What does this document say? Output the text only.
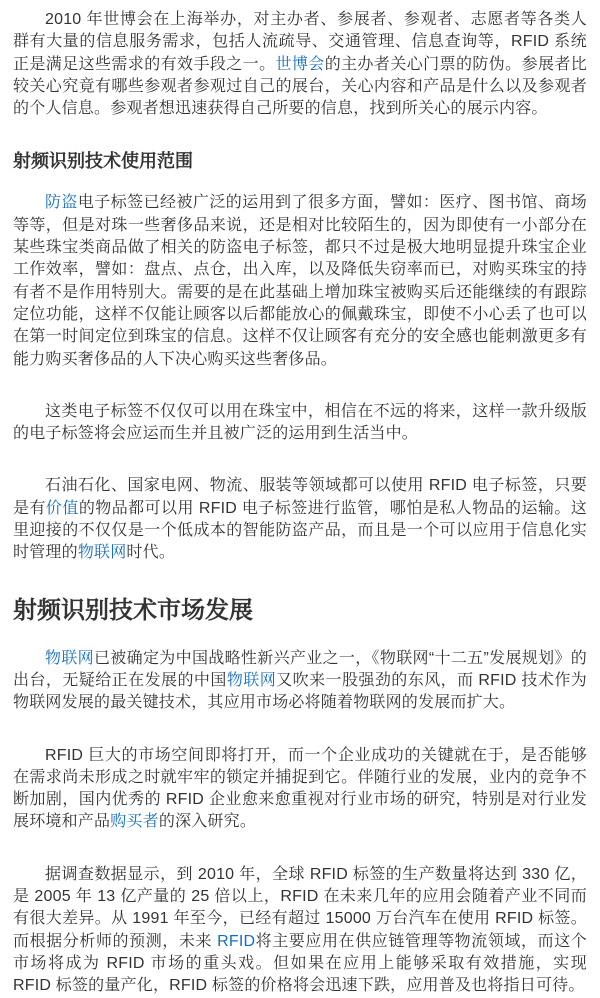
2010 年世博会在上海举办，对主办者、参展者、参观者、志愿者等各类人群有大量的信息服务需求，包括人流疏导、交通管理、信息查询等，RFID 系统正是满足这些需求的有效手段之一。世博会的主办者关心门票的防伪。参展者比较关心究竟有哪些参观者参观过自己的展台，关心内容和产品是什么以及参观者的个人信息。参观者想迅速获得自己所要的信息，找到所关心的展示内容。

射频识别技术使用范围

防盗电子标签已经被广泛的运用到了很多方面，譬如：医疗、图书馆、商场等等，但是对珠一些奢侈品来说，还是相对比较陌生的，因为即使有一小部分在某些珠宝类商品做了相关的防盗电子标签，都只不过是极大地明显提升珠宝企业工作效率，譬如：盘点、点仓，出入库，以及降低失窃率而已，对购买珠宝的持有者不是作用特别大。需要的是在此基础上增加珠宝被购买后还能继续的有跟踪定位功能，这样不仅能让顾客以后都能放心的佩戴珠宝，即使不小心丢了也可以在第一时间定位到珠宝的信息。这样不仅让顾客有充分的安全感也能刺激更多有能力购买奢侈品的人下决心购买这些奢侈品。

这类电子标签不仅仅可以用在珠宝中，相信在不远的将来，这样一款升级版的电子标签将会应运而生并且被广泛的运用到生活当中。

石油石化、国家电网、物流、服装等领域都可以使用 RFID 电子标签，只要是有价值的物品都可以用 RFID 电子标签进行监管，哪怕是私人物品的运输。这里迎接的不仅仅是一个低成本的智能防盗产品，而且是一个可以应用于信息化实时管理的物联网时代。

射频识别技术市场发展

物联网已被确定为中国战略性新兴产业之一，《物联网“十二五”发展规划》的出台，无疑给正在发展的中国物联网又吹来一股强劲的东风，而 RFID 技术作为物联网发展的最关键技术，其应用市场必将随着物联网的发展而扩大。

RFID 巨大的市场空间即将打开，而一个企业成功的关键就在于，是否能够在需求尚未形成之时就牢牢的锁定并捕捉到它。伴随行业的发展，业内的竞争不断加剧，国内优秀的 RFID 企业愈来愈重视对行业市场的研究，特别是对行业发展环境和产品购买者的深入研究。

据调查数据显示，到 2010 年，全球 RFID 标签的生产数量将达到 330 亿，是 2005 年 13 亿产量的 25 倍以上，RFID 在未来几年的应用会随着产业不同而有很大差异。从 1991 年至今，已经有超过 15000 万台汽车在使用 RFID 标签。而根据分析师的预测，未来 RFID将主要应用在供应链管理等物流领域，而这个市场将成为 RFID 市场的重头戏。但如果在应用上能够采取有效措施，实现 RFID 标签的量产化，RFID 标签的价格将会迅速下跌，应用普及也将指日可待。
